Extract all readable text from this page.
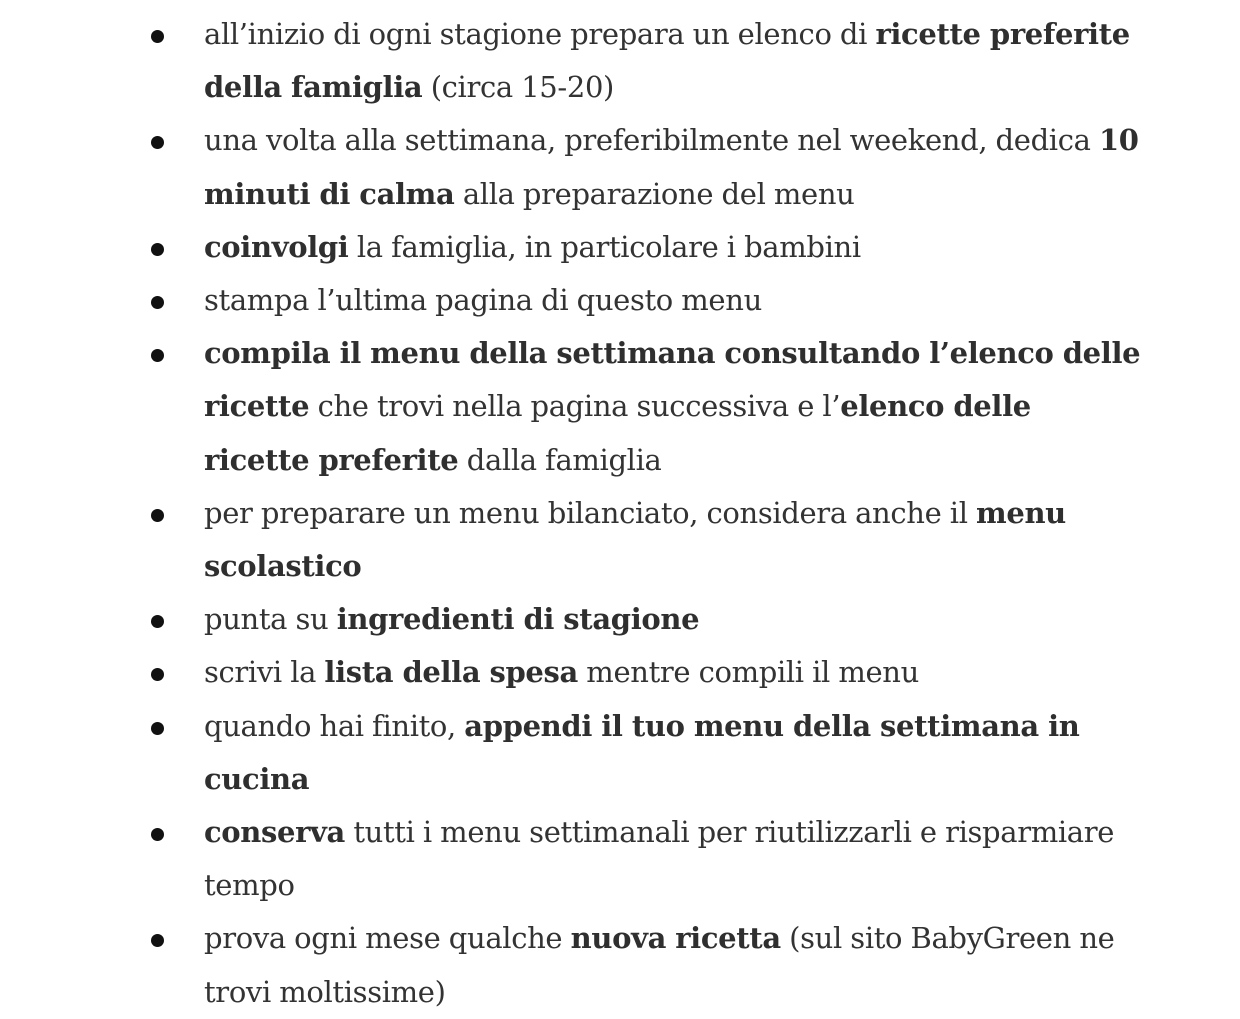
all’inizio di ogni stagione prepara un elenco di ricette preferite della famiglia (circa 15-20)
una volta alla settimana, preferibilmente nel weekend, dedica 10 minuti di calma alla preparazione del menu
coinvolgi la famiglia, in particolare i bambini
stampa l’ultima pagina di questo menu
compila il menu della settimana consultando l’elenco delle ricette che trovi nella pagina successiva e l’elenco delle ricette preferite dalla famiglia
per preparare un menu bilanciato, considera anche il menu scolastico
punta su ingredienti di stagione
scrivi la lista della spesa mentre compili il menu
quando hai finito, appendi il tuo menu della settimana in cucina
conserva tutti i menu settimanali per riutilizzarli e risparmiare tempo
prova ogni mese qualche nuova ricetta (sul sito BabyGreen ne trovi moltissime)
